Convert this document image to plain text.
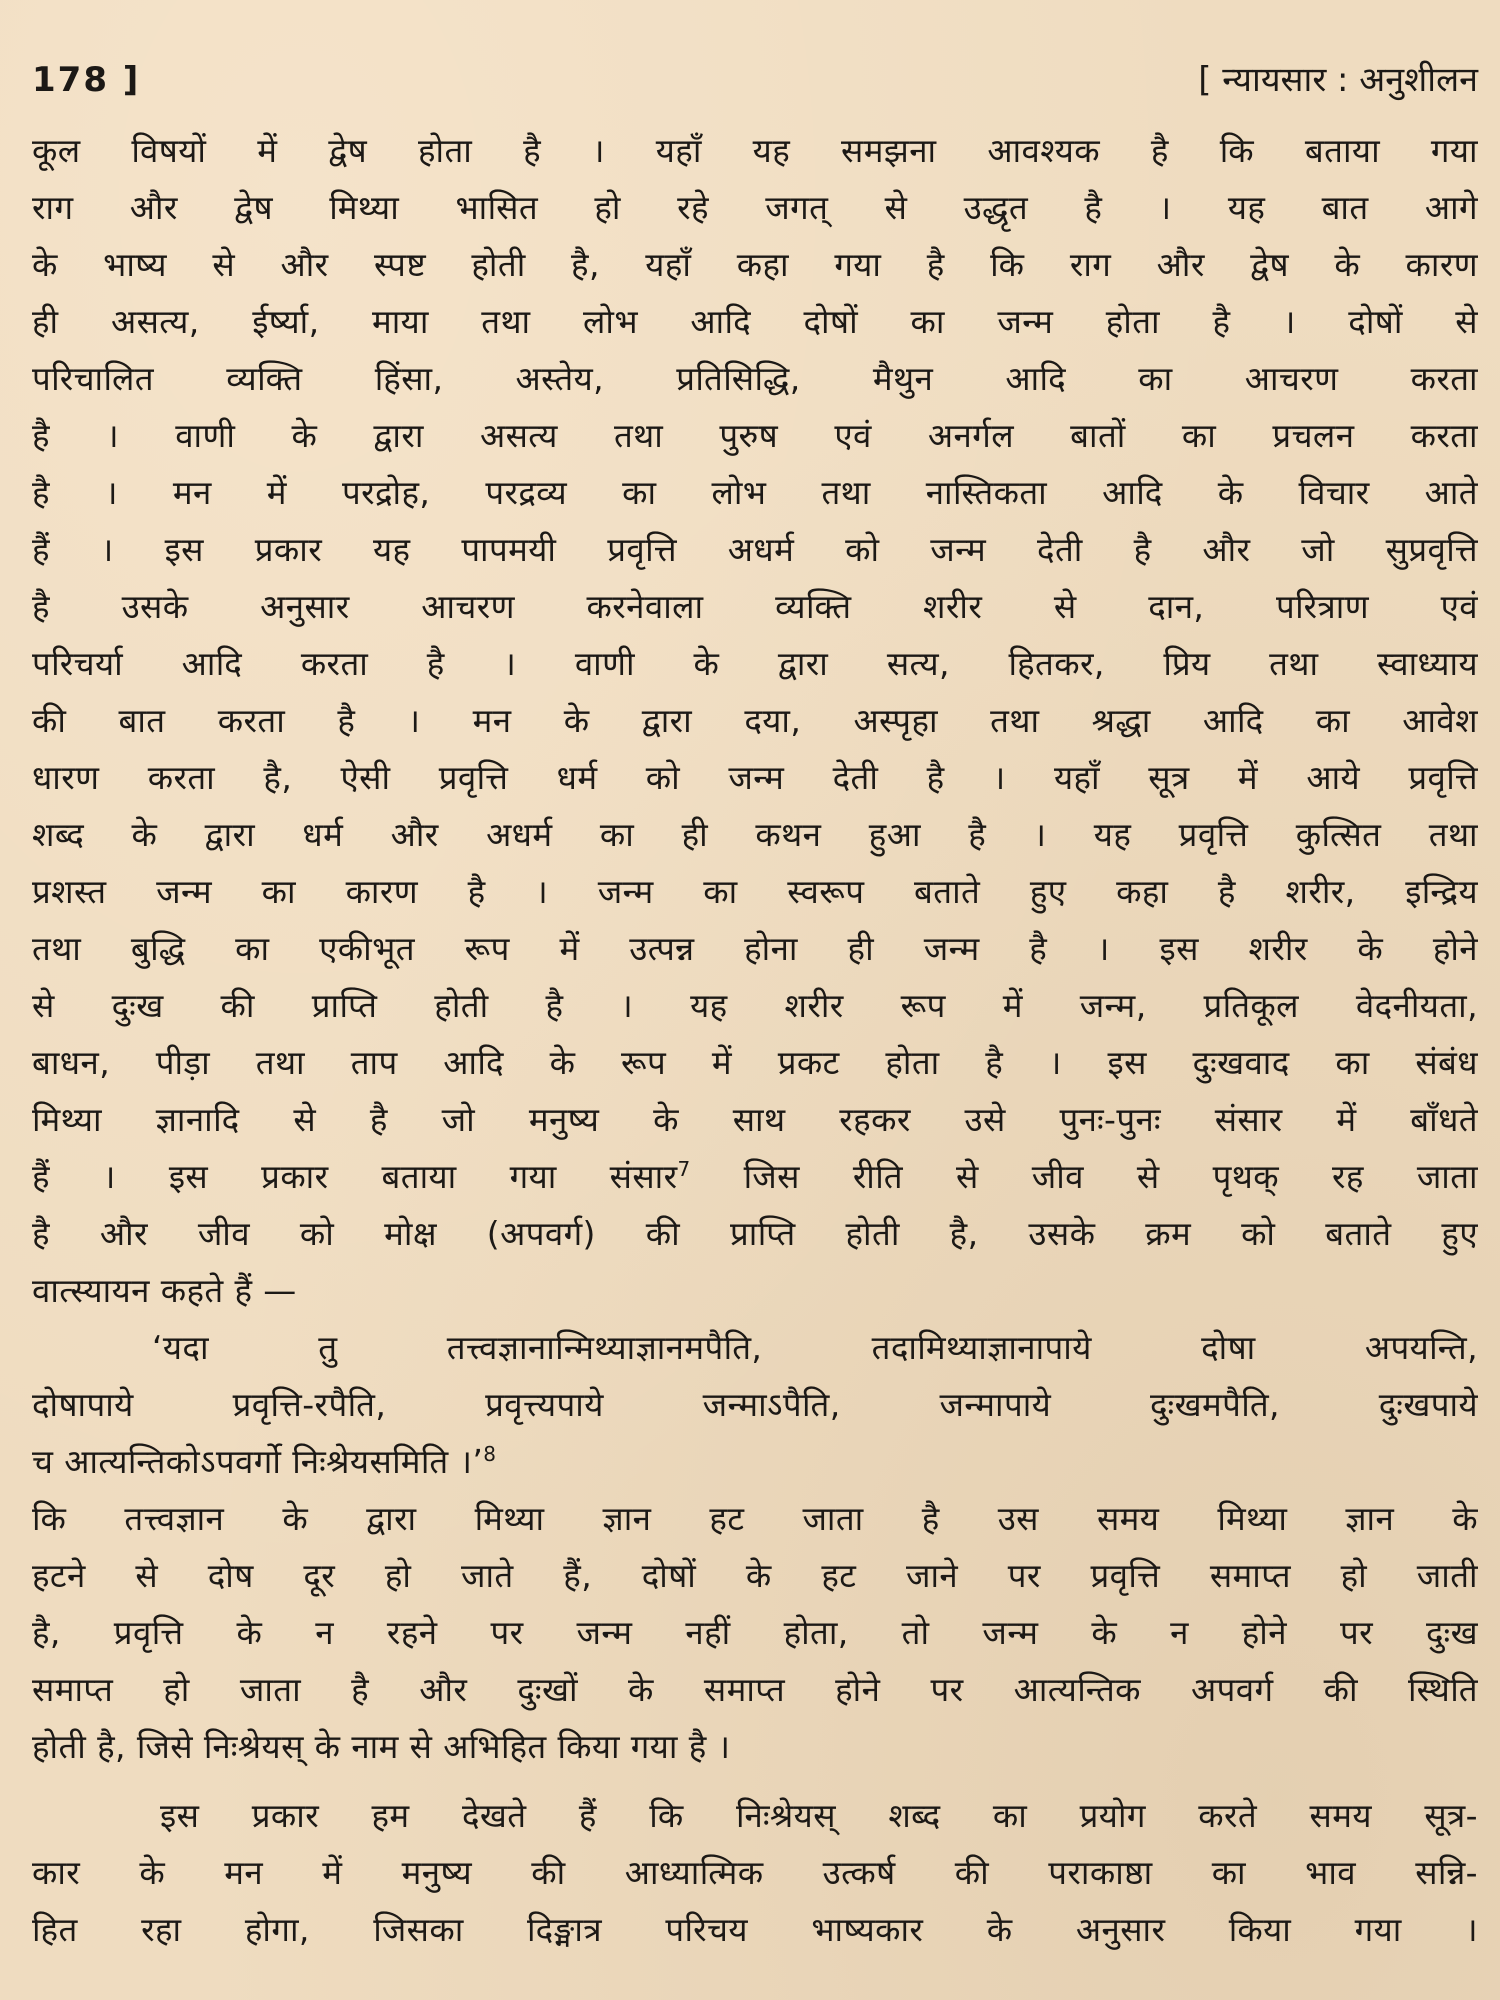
178 ]	[ न्यायसार : अनुशीलन
कूल विषयों में द्वेष होता है । यहाँ यह समझना आवश्यक है कि बताया गया
राग और द्वेष मिथ्या भासित हो रहे जगत् से उद्धृत है । यह बात आगे
के भाष्य से और स्पष्ट होती है, यहाँ कहा गया है कि राग और द्वेष के कारण
ही असत्य, ईर्ष्या, माया तथा लोभ आदि दोषों का जन्म होता है । दोषों से
परिचालित व्यक्ति हिंसा, अस्तेय, प्रतिसिद्धि, मैथुन आदि का आचरण करता
है । वाणी के द्वारा असत्य तथा पुरुष एवं अनर्गल बातों का प्रचलन करता
है । मन में परद्रोह, परद्रव्य का लोभ तथा नास्तिकता आदि के विचार आते
हैं । इस प्रकार यह पापमयी प्रवृत्ति अधर्म को जन्म देती है और जो सुप्रवृत्ति
है उसके अनुसार आचरण करनेवाला व्यक्ति शरीर से दान, परित्राण एवं
परिचर्या आदि करता है । वाणी के द्वारा सत्य, हितकर, प्रिय तथा स्वाध्याय
की बात करता है । मन के द्वारा दया, अस्पृहा तथा श्रद्धा आदि का आवेश
धारण करता है, ऐसी प्रवृत्ति धर्म को जन्म देती है । यहाँ सूत्र में आये प्रवृत्ति
शब्द के द्वारा धर्म और अधर्म का ही कथन हुआ है । यह प्रवृत्ति कुत्सित तथा
प्रशस्त जन्म का कारण है । जन्म का स्वरूप बताते हुए कहा है शरीर, इन्द्रिय
तथा बुद्धि का एकीभूत रूप में उत्पन्न होना ही जन्म है । इस शरीर के होने
से दुःख की प्राप्ति होती है । यह शरीर रूप में जन्म, प्रतिकूल वेदनीयता,
बाधन, पीड़ा तथा ताप आदि के रूप में प्रकट होता है । इस दुःखवाद का संबंध
मिथ्या ज्ञानादि से है जो मनुष्य के साथ रहकर उसे पुनः-पुनः संसार में बाँधते
हैं । इस प्रकार बताया गया संसार$^7$ जिस रीति से जीव से पृथक् रह जाता
है और जीव को मोक्ष (अपवर्ग) की प्राप्ति होती है, उसके क्रम को बताते हुए
वात्स्यायन कहते हैं —
‘यदा तु तत्त्वज्ञानान्मिथ्याज्ञानमपैति, तदामिथ्याज्ञानापाये दोषा अपयन्ति,
दोषापाये प्रवृत्ति-रपैति, प्रवृत्त्यपाये जन्माऽपैति, जन्मापाये दुःखमपैति, दुःखपाये
च आत्यन्तिकोऽपवर्गो निःश्रेयसमिति ।’$^8$
कि तत्त्वज्ञान के द्वारा मिथ्या ज्ञान हट जाता है उस समय मिथ्या ज्ञान के
हटने से दोष दूर हो जाते हैं, दोषों के हट जाने पर प्रवृत्ति समाप्त हो जाती
है, प्रवृत्ति के न रहने पर जन्म नहीं होता, तो जन्म के न होने पर दुःख
समाप्त हो जाता है और दुःखों के समाप्त होने पर आत्यन्तिक अपवर्ग की स्थिति
होती है, जिसे निःश्रेयस् के नाम से अभिहित किया गया है ।
इस प्रकार हम देखते हैं कि निःश्रेयस् शब्द का प्रयोग करते समय सूत्र-
कार के मन में मनुष्य की आध्यात्मिक उत्कर्ष की पराकाष्ठा का भाव सन्नि-
हित रहा होगा, जिसका दिङ्मात्र परिचय भाष्यकार के अनुसार किया गया ।
